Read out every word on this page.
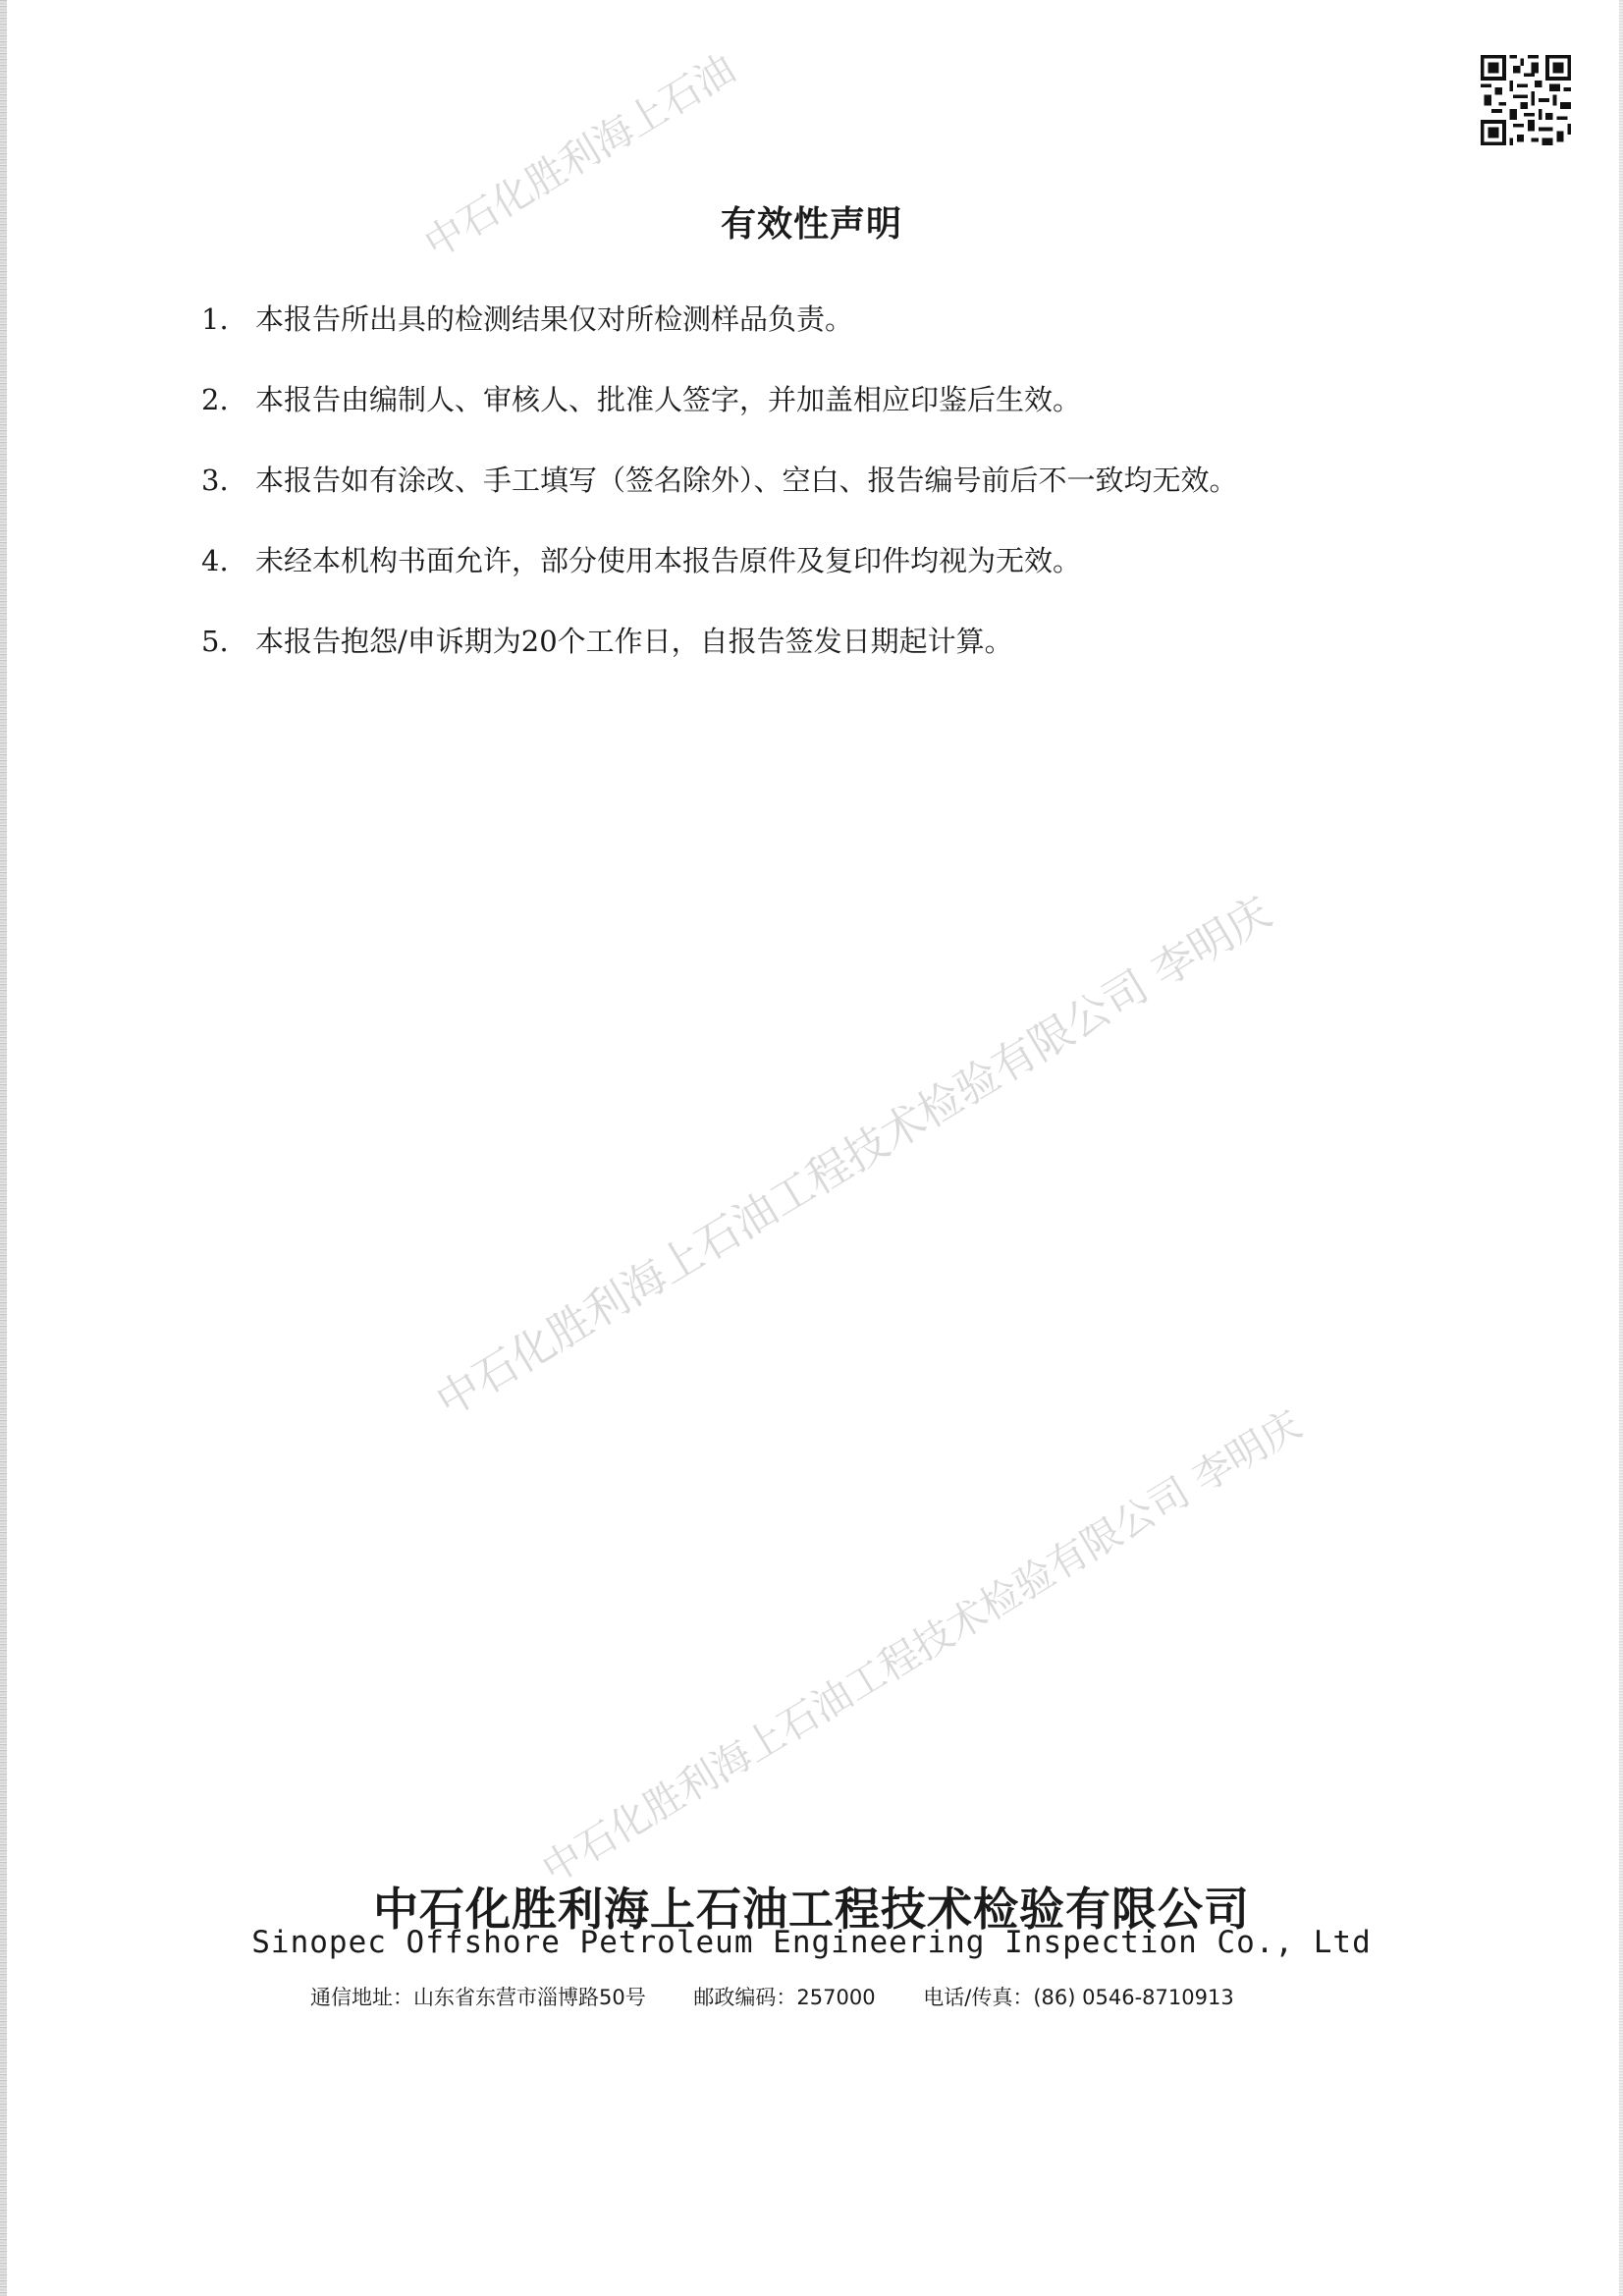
中石化胜利海上石油
中石化胜利海上石油工程技术检验有限公司 李明庆
中石化胜利海上石油工程技术检验有限公司 李明庆
有效性声明
1. 本报告所出具的检测结果仅对所检测样品负责。
2. 本报告由编制人、审核人、批准人签字，并加盖相应印鉴后生效。
3. 本报告如有涂改、手工填写（签名除外）、空白、报告编号前后不一致均无效。
4. 未经本机构书面允许，部分使用本报告原件及复印件均视为无效。
5. 本报告抱怨/申诉期为20个工作日，自报告签发日期起计算。
中石化胜利海上石油工程技术检验有限公司
Sinopec Offshore Petroleum Engineering Inspection Co., Ltd
通信地址：山东省东营市淄博路50号 邮政编码：257000 电话/传真：(86) 0546-8710913
